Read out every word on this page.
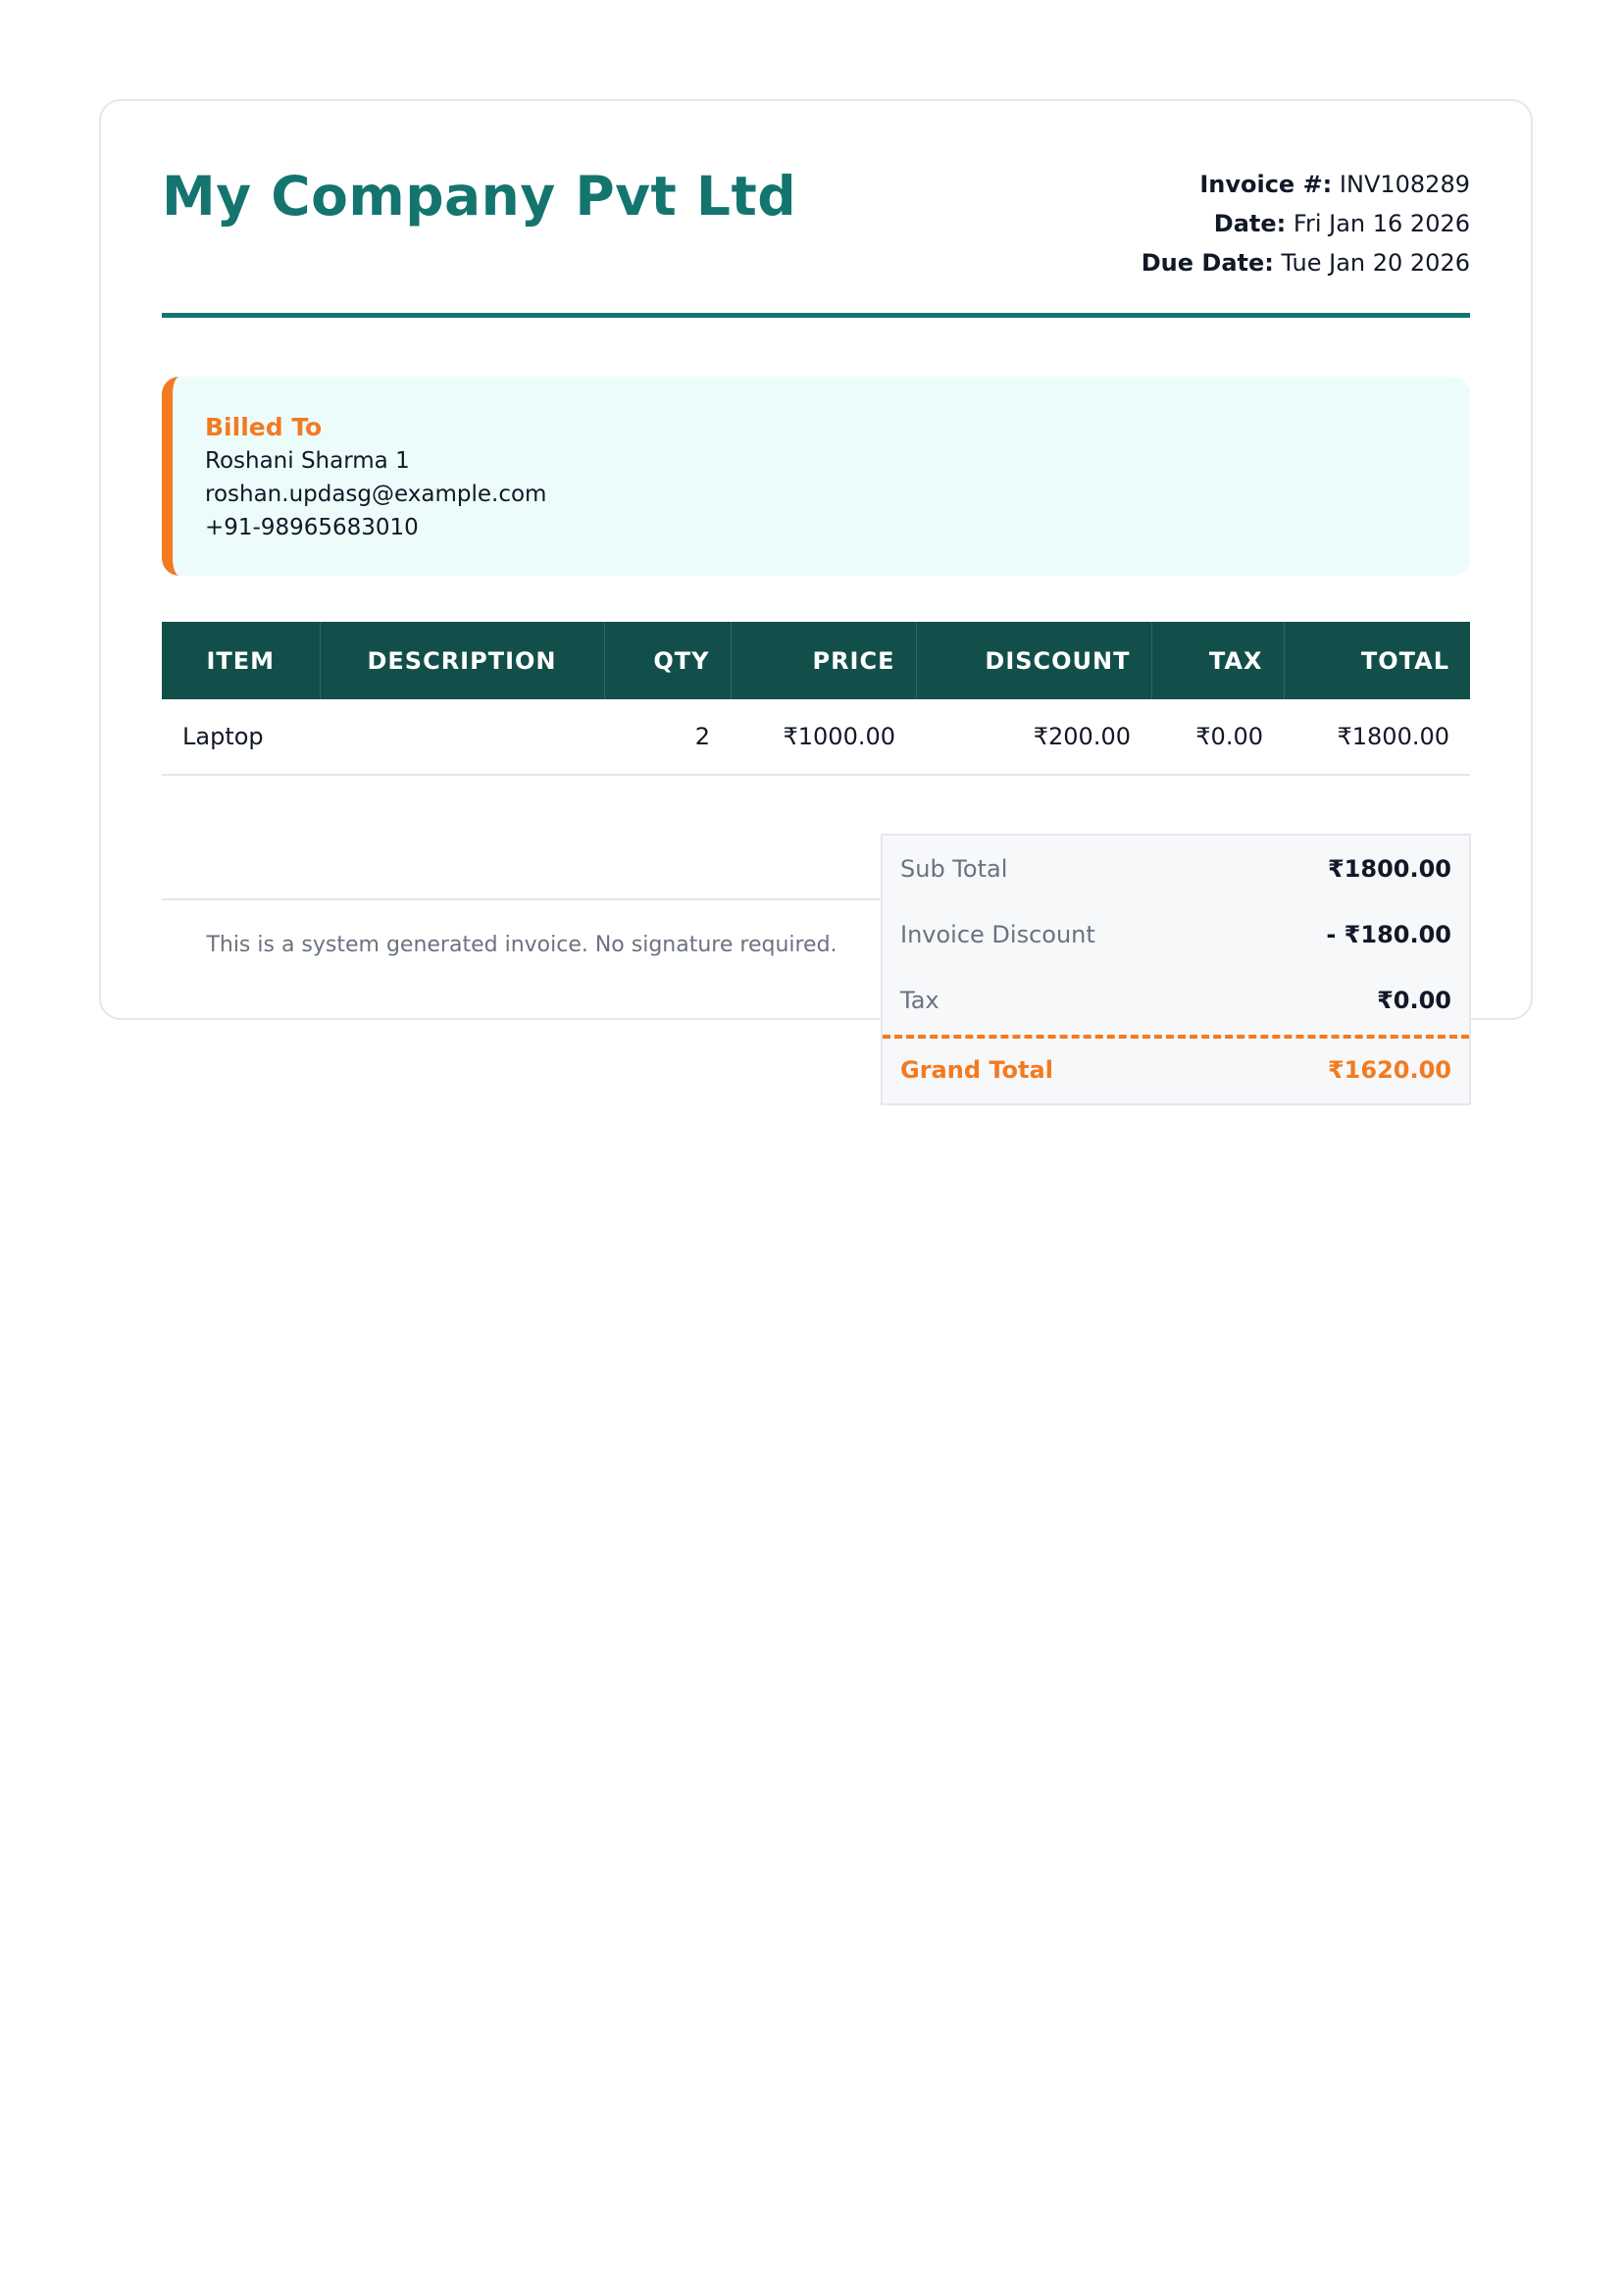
My Company Pvt Ltd	Invoice #: INV108289
Date: Fri Jan 16 2026
Due Date: Tue Jan 20 2026
Billed To
Roshani Sharma 1
roshan.updasg@example.com
+91-98965683010
ITEM	DESCRIPTION	QTY	PRICE	DISCOUNT	TAX	TOTAL
Laptop		2	₹1000.00	₹200.00	₹0.00	₹1800.00
This is a system generated invoice. No signature required.
Sub Total	₹1800.00
Invoice Discount	- ₹180.00
Tax	₹0.00
Grand Total	₹1620.00
